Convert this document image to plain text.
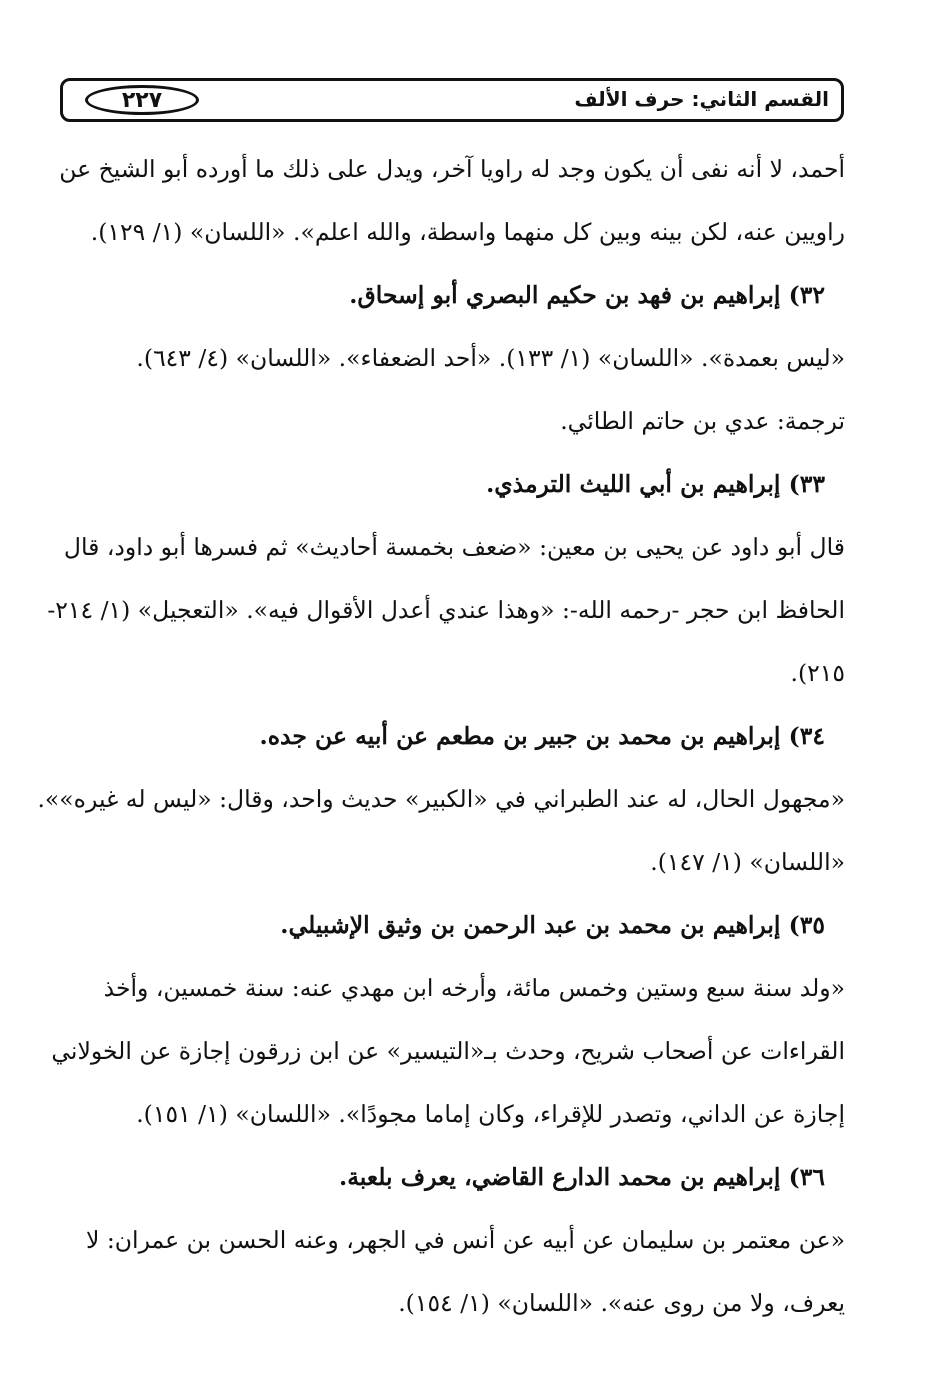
القسم الثاني: حرف الألف
٢٢٧
أحمد، لا أنه نفى أن يكون وجد له راويا آخر، ويدل على ذلك ما أورده أبو الشيخ عن
راويين عنه، لكن بينه وبين كل منهما واسطة، والله اعلم». «اللسان» (١/ ١٢٩).
٣٢) إبراهيم بن فهد بن حكيم البصري أبو إسحاق.
«ليس بعمدة». «اللسان» (١/ ١٣٣). «أحد الضعفاء». «اللسان» (٤/ ٦٤٣).
ترجمة: عدي بن حاتم الطائي.
٣٣) إبراهيم بن أبي الليث الترمذي.
قال أبو داود عن يحيى بن معين: «ضعف بخمسة أحاديث» ثم فسرها أبو داود، قال
الحافظ ابن حجر -رحمه الله-: «وهذا عندي أعدل الأقوال فيه». «التعجيل» (١/ ٢١٤-
٢١٥).
٣٤) إبراهيم بن محمد بن جبير بن مطعم عن أبيه عن جده.
«مجهول الحال، له عند الطبراني في «الكبير» حديث واحد، وقال: «ليس له غيره»».
«اللسان» (١/ ١٤٧).
٣٥) إبراهيم بن محمد بن عبد الرحمن بن وثيق الإشبيلي.
«ولد سنة سبع وستين وخمس مائة، وأرخه ابن مهدي عنه: سنة خمسين، وأخذ
القراءات عن أصحاب شريح، وحدث بـ«التيسير» عن ابن زرقون إجازة عن الخولاني
إجازة عن الداني، وتصدر للإقراء، وكان إماما مجودًا». «اللسان» (١/ ١٥١).
٣٦) إبراهيم بن محمد الدارع القاضي، يعرف بلعبة.
«عن معتمر بن سليمان عن أبيه عن أنس في الجهر، وعنه الحسن بن عمران: لا
يعرف، ولا من روى عنه». «اللسان» (١/ ١٥٤).
